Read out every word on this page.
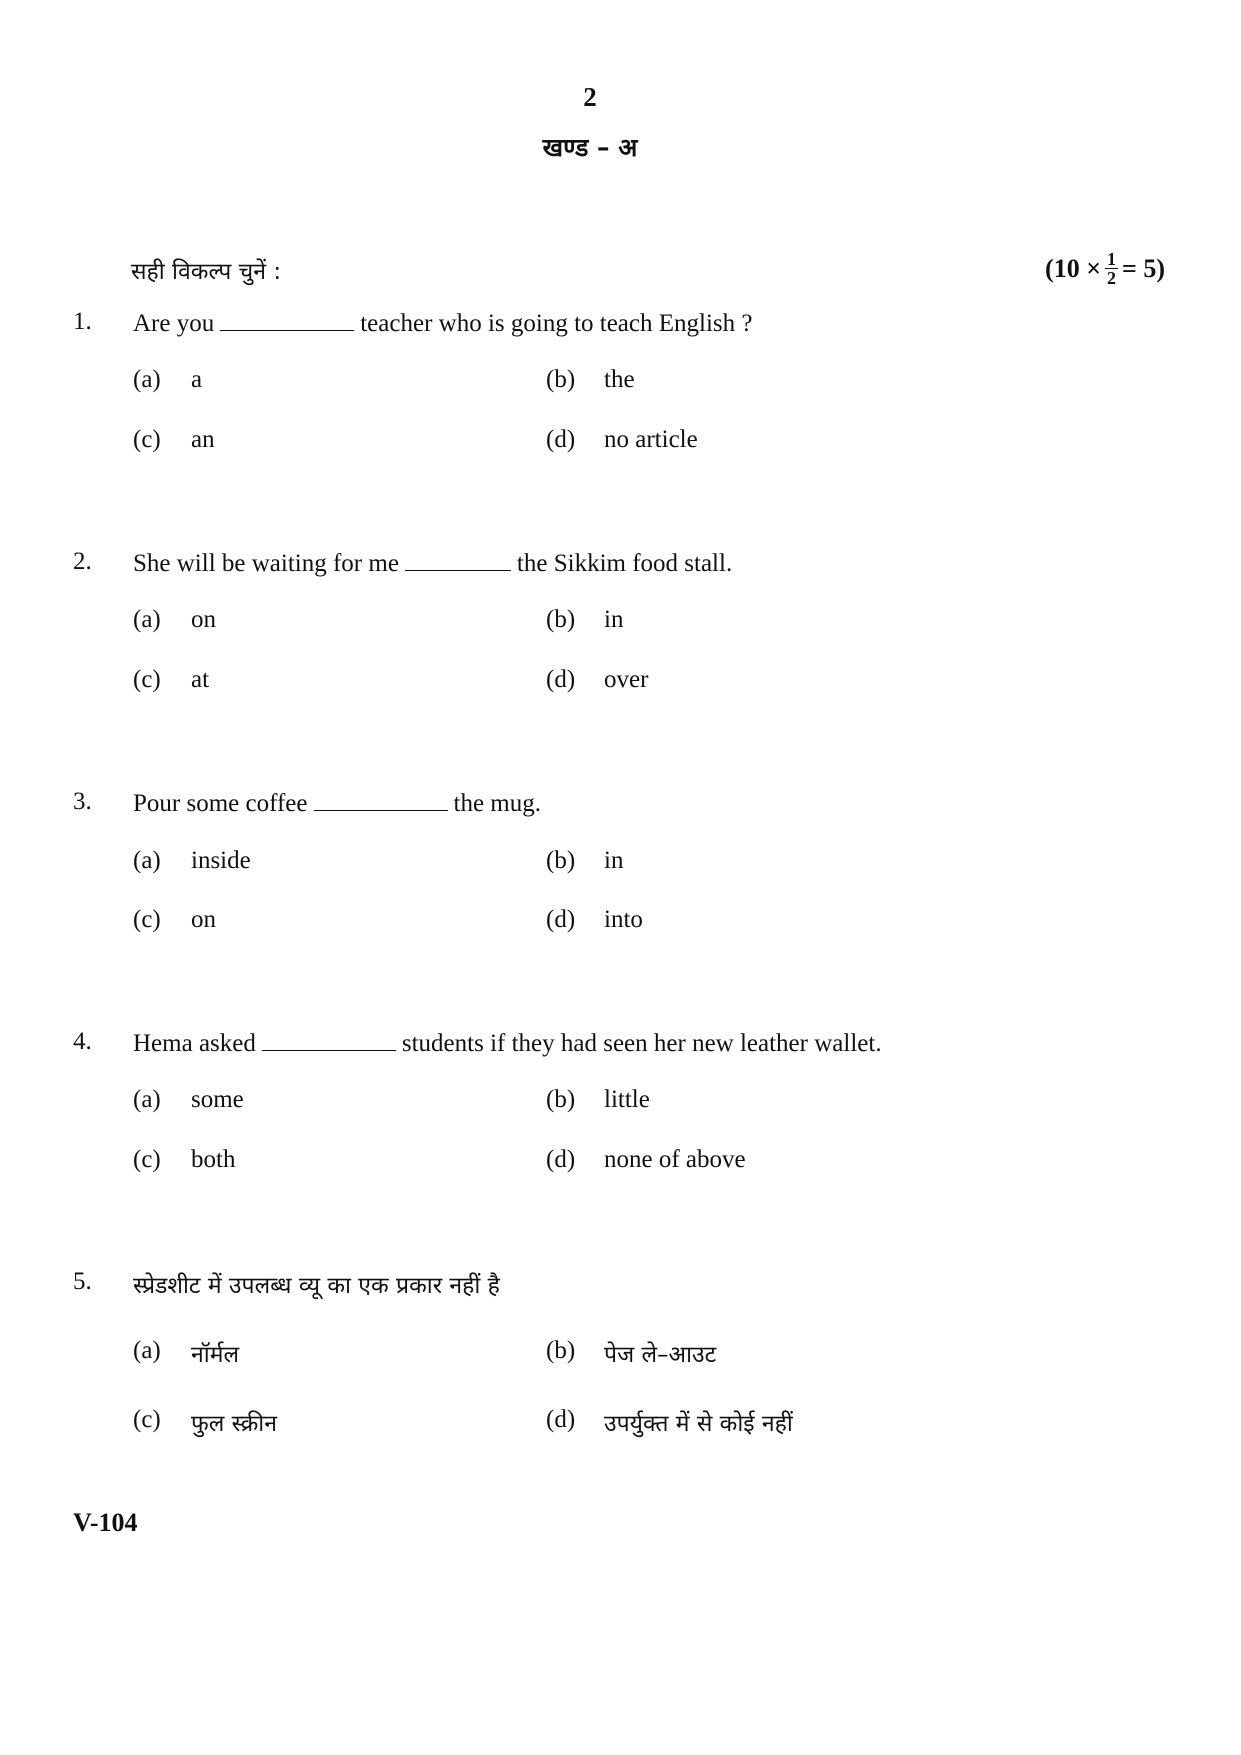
2
खण्ड – अ
सही विकल्प चुनें :	$(10 \times \frac{1}{2} = 5)$
1. Are you	teacher who is going to teach English ?
(a) a	(b) the
(c) an	(d) no article
2. She will be waiting for me	the Sikkim food stall.
(a) on	(b) in
(c) at	(d) over
3. Pour some coffee	the mug.
(a) inside	(b) in
(c) on	(d) into
4. Hema asked	students if they had seen her new leather wallet.
(a) some	(b) little
(c) both	(d) none of above
5. स्प्रेडशीट में उपलब्ध व्यू का एक प्रकार नहीं है
(a) नॉर्मल	(b) पेज ले–आउट
(c) फुल स्क्रीन	(d) उपर्युक्त में से कोई नहीं
V-104
